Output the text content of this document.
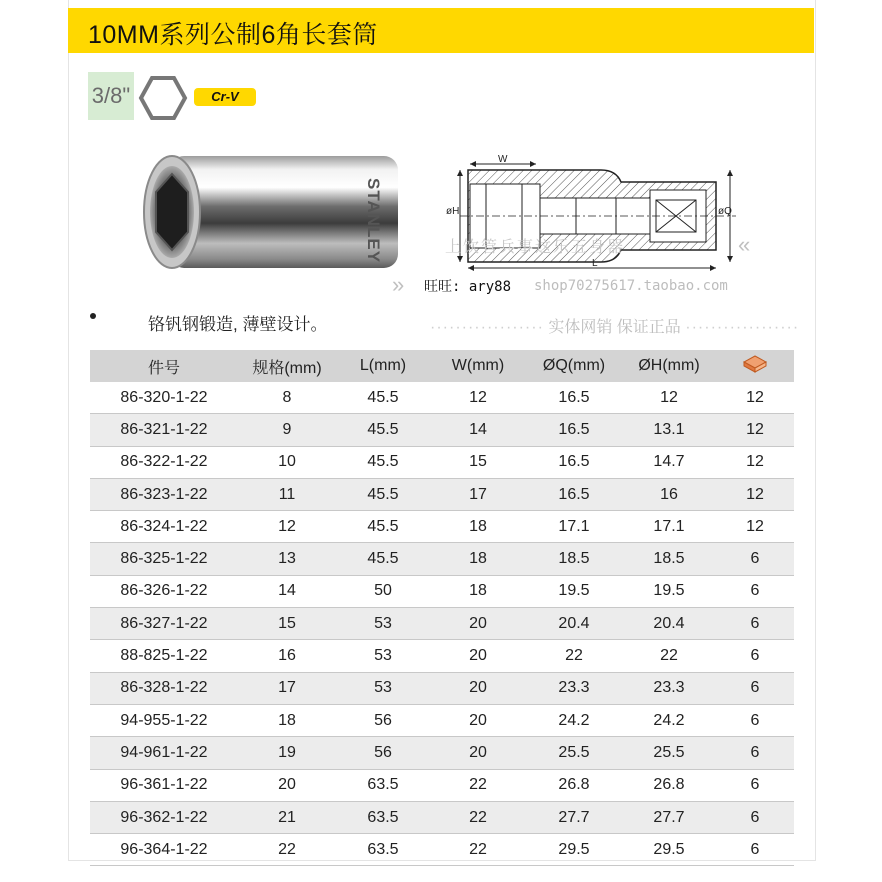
10MM系列公制6角长套筒
3/8"	Cr-V
STANLEY
W
L
øH	øQ
上饮管兵事这乐五身器	«
» 旺旺: ary88 shop70275617.taobao.com
铬钒钢锻造, 薄壁设计。	·················· 实体网销 保证正品 ··················
件号	规格(mm)	L(mm)	W(mm)	ØQ(mm)	ØH(mm)	
86-320-1-22	8	45.5	12	16.5	12	12
86-321-1-22	9	45.5	14	16.5	13.1	12
86-322-1-22	10	45.5	15	16.5	14.7	12
86-323-1-22	11	45.5	17	16.5	16	12
86-324-1-22	12	45.5	18	17.1	17.1	12
86-325-1-22	13	45.5	18	18.5	18.5	6
86-326-1-22	14	50	18	19.5	19.5	6
86-327-1-22	15	53	20	20.4	20.4	6
88-825-1-22	16	53	20	22	22	6
86-328-1-22	17	53	20	23.3	23.3	6
94-955-1-22	18	56	20	24.2	24.2	6
94-961-1-22	19	56	20	25.5	25.5	6
96-361-1-22	20	63.5	22	26.8	26.8	6
96-362-1-22	21	63.5	22	27.7	27.7	6
96-364-1-22	22	63.5	22	29.5	29.5	6
